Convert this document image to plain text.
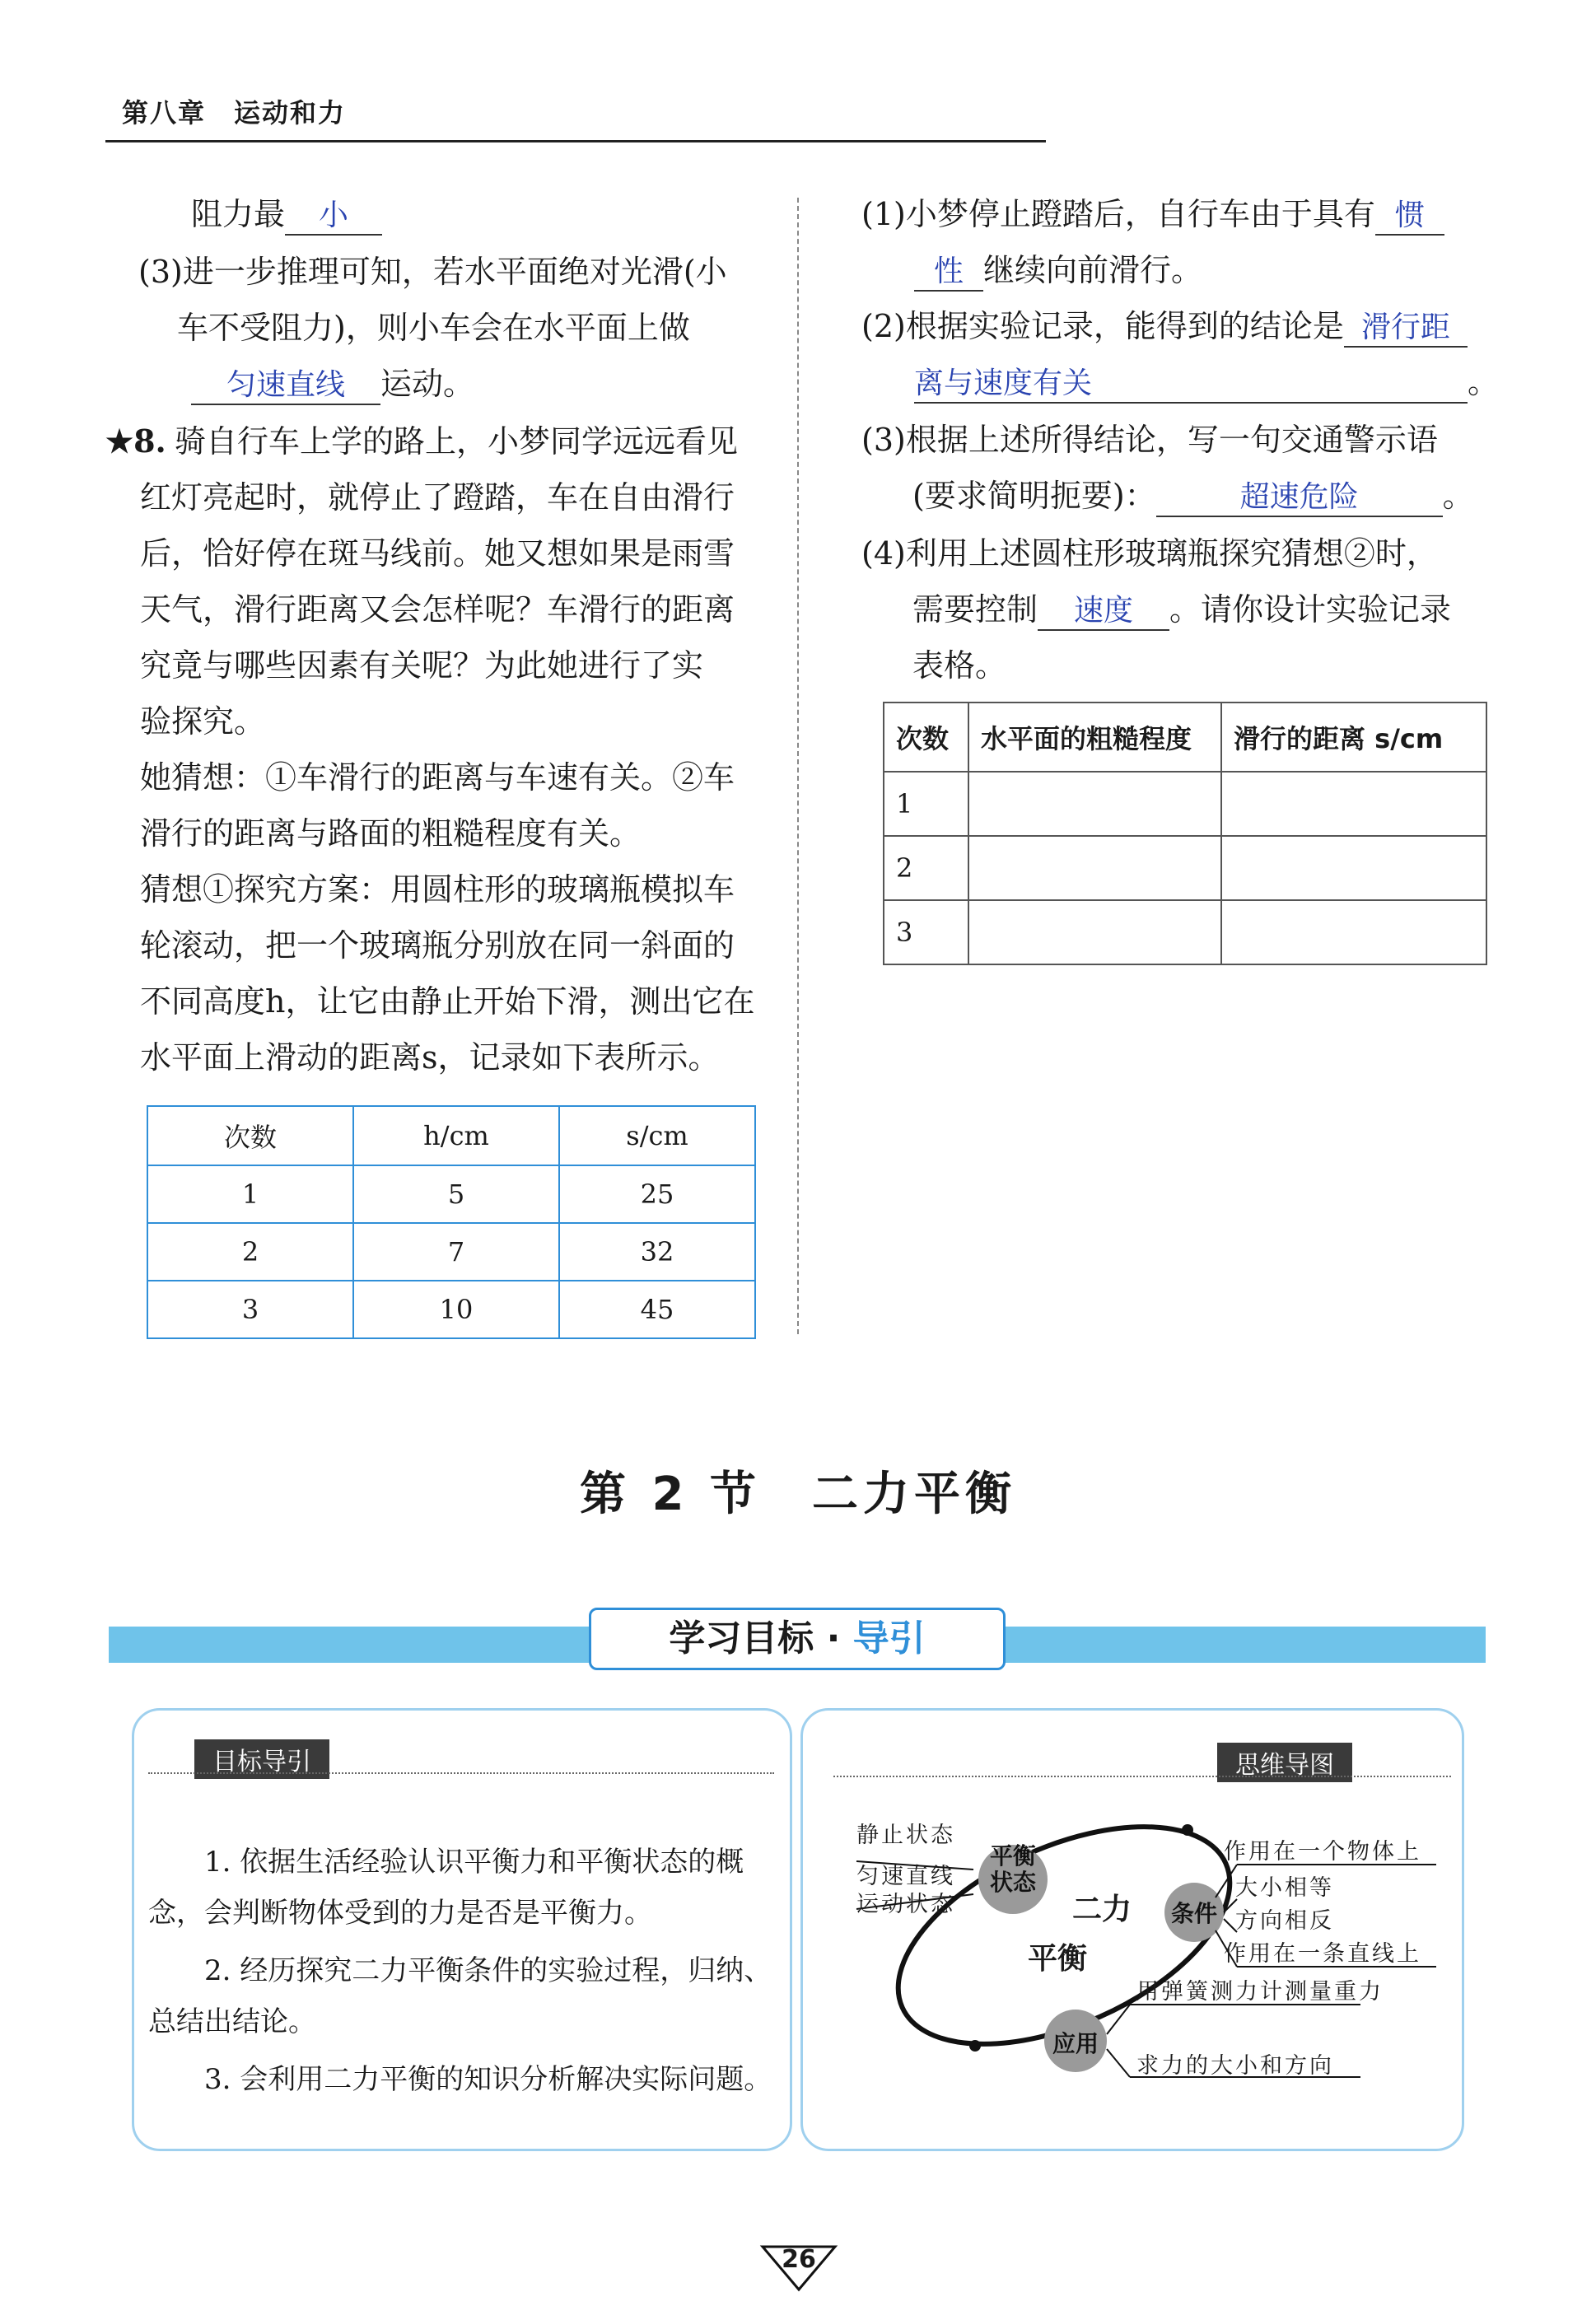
第八章　运动和力
阻力最 小
(3)进一步推理可知，若水平面绝对光滑(小
车不受阻力)，则小车会在水平面上做
匀速直线 运动。
★8. 骑自行车上学的路上，小梦同学远远看见
红灯亮起时，就停止了蹬踏，车在自由滑行
后，恰好停在斑马线前。她又想如果是雨雪
天气，滑行距离又会怎样呢？车滑行的距离
究竟与哪些因素有关呢？为此她进行了实
验探究。
她猜想：①车滑行的距离与车速有关。②车
滑行的距离与路面的粗糙程度有关。
猜想①探究方案：用圆柱形的玻璃瓶模拟车
轮滚动，把一个玻璃瓶分别放在同一斜面的
不同高度h，让它由静止开始下滑，测出它在
水平面上滑动的距离s，记录如下表所示。
次数	h/cm	s/cm
1	5	25
2	7	32
3	10	45
(1)小梦停止蹬踏后，自行车由于具有 惯
性 继续向前滑行。
(2)根据实验记录，能得到的结论是 滑行距
离与速度有关	。
(3)根据上述所得结论，写一句交通警示语
(要求简明扼要)：	超速危险	。
(4)利用上述圆柱形玻璃瓶探究猜想②时，
需要控制 速度 。请你设计实验记录
表格。
次数	水平面的粗糙程度	滑行的距离 s/cm
1		
2		
3		
第 2 节　二力平衡
学习目标 · 导引
目标导引
1. 依据生活经验认识平衡力和平衡状态的概念，会判断物体受到的力是否是平衡力。
2. 经历探究二力平衡条件的实验过程，归纳、总结出结论。
3. 会利用二力平衡的知识分析解决实际问题。
思维导图
平衡状态
条件
应用
二力
平衡
静止状态
匀速直线运动状态
作用在一个物体上
大小相等
方向相反
作用在一条直线上
用弹簧测力计测量重力
求力的大小和方向
26
